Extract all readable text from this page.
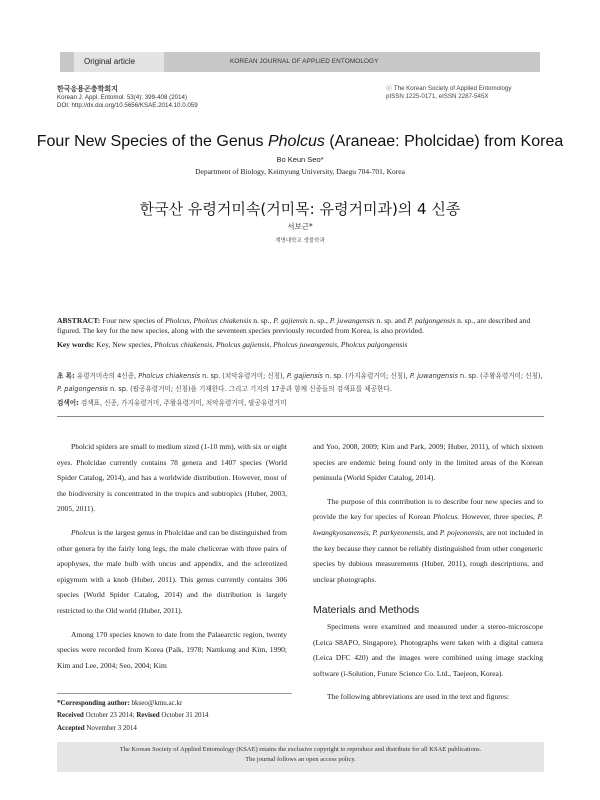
Original article	KOREAN JOURNAL OF APPLIED ENTOMOLOGY
한국응용곤충학회지
Korean J. Appl. Entomol. 53(4): 399-408 (2014)
DOI: http://dx.doi.org/10.5656/KSAE.2014.10.0.059
ⓒ The Korean Society of Applied Entomology
pISSN 1225-0171, eISSN 2287-545X
Four New Species of the Genus Pholcus (Araneae: Pholcidae) from Korea
Bo Keun Seo*
Department of Biology, Keimyung University, Daegu 704-701, Korea
한국산 유령거미속(거미목: 유령거미과)의 4 신종
서보근*
계명대학교 생물학과

ABSTRACT: Four new species of Pholcus, Pholcus chiakensis n. sp., P. gajiensis n. sp., P. juwangensis n. sp. and P. palgongensis n. sp., are described and figured. The key for the new species, along with the seventeen species previously recorded from Korea, is also provided.

Key words: Key, New species, Pholcus chiakensis, Pholcus gajiensis, Pholcus juwangensis, Pholcus palgongensis

초 록: 유령거미속의 4신종, Pholcus chiakensis n. sp. (치악유령거미; 신칭), P. gajiensis n. sp. (가지유령거미; 신칭), P. juwangensis n. sp. (주왕유령거미; 신칭), P. palgongensis n. sp. (팔공유령거미; 신칭)을 기재한다. 그리고 기지의 17종과 함께 신종들의 검색표를 제공한다.

검색어: 검색표, 신종, 가지유령거미, 주왕유령거미, 치악유령거미, 팔공유령거미

Pholcid spiders are small to medium sized (1-10 mm), with six or eight eyes. Pholcidae currently contains 78 genera and 1407 species (World Spider Catalog, 2014), and has a worldwide distribution. However, most of the biodiversity is concentrated in the tropics and subtropics (Huber, 2003, 2005, 2011).

Pholcus is the largest genus in Pholcidae and can be distinguished from other genera by the fairly long legs, the male chelicerae with three pairs of apophyses, the male bulb with uncus and appendix, and the sclerotized epigynum with a knob (Huber, 2011). This genus currently contains 306 species (World Spider Catalog, 2014) and the distribution is largely restricted to the Old world (Huber, 2011).

Among 170 species known to date from the Palaearctic region, twenty species were recorded from Korea (Paik, 1978; Namkung and Kim, 1990; Kim and Lee, 2004; Seo, 2004; Kim

and Yoo, 2008, 2009; Kim and Park, 2009; Huber, 2011), of which sixteen species are endemic being found only in the limited areas of the Korean peninsula (World Spider Catalog, 2014).

The purpose of this contribution is to describe four new species and to provide the key for species of Korean Pholcus. However, three species, P. kwangkyosanensis, P. parkyeonensis, and P. pojeonensis, are not included in the key because they cannot be reliably distinguished from other congeneric species by dubious measurements (Huber, 2011), rough descriptions, and unclear photographs.

Materials and Methods

Specimens were examined and measured under a stereo-microscope (Leica S8APO, Singapore). Photographs were taken with a digital camera (Leica DFC 420) and the images were combined using image stacking software (i-Solution, Future Science Co. Ltd., Taejeon, Korea).

The following abbreviations are used in the text and figures:

*Corresponding author: bkseo@kmu.ac.kr
Received October 23 2014; Revised October 31 2014
Accepted November 3 2014
The Korean Society of Applied Entomology (KSAE) retains the exclusive copyright to reproduce and distribute for all KSAE publications.
The journal follows an open access policy.
